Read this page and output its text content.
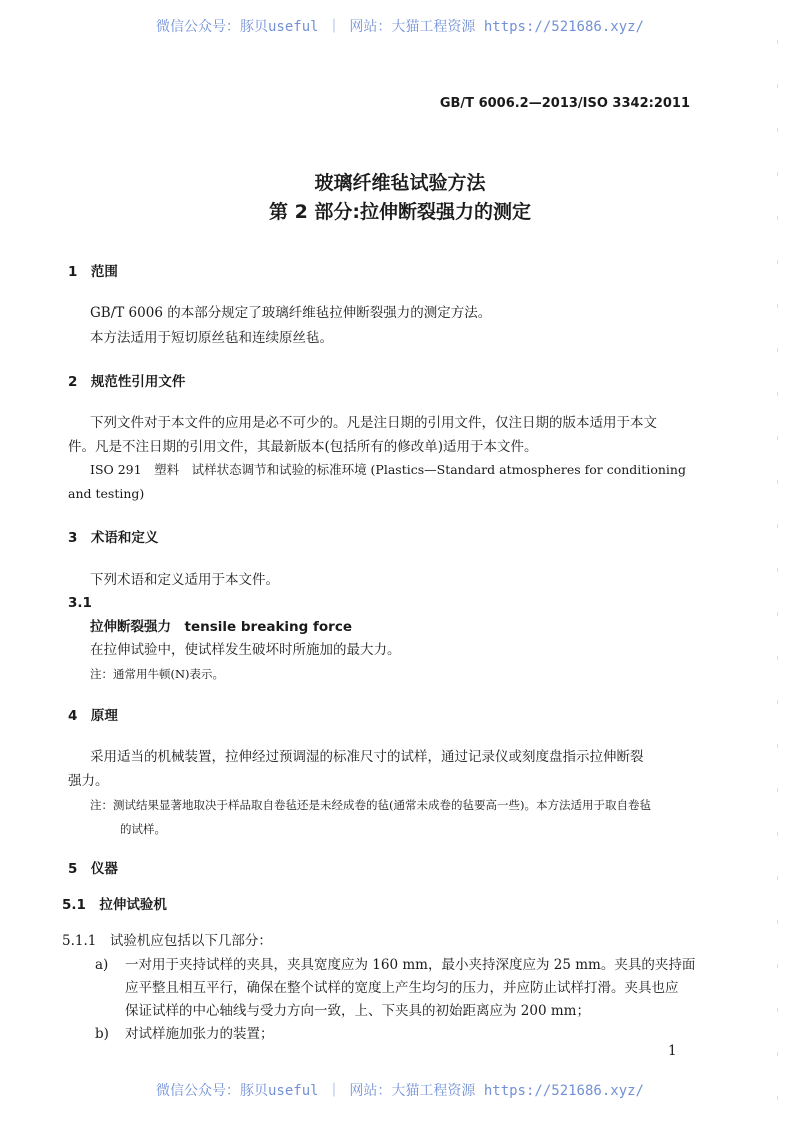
微信公众号：豚贝useful ｜ 网站：大猫工程资源 https://521686.xyz/
GB/T 6006.2—2013/ISO 3342:2011
玻璃纤维毡试验方法
第 2 部分:拉伸断裂强力的测定
1　范围
GB/T 6006 的本部分规定了玻璃纤维毡拉伸断裂强力的测定方法。
本方法适用于短切原丝毡和连续原丝毡。
2　规范性引用文件
下列文件对于本文件的应用是必不可少的。凡是注日期的引用文件，仅注日期的版本适用于本文
件。凡是不注日期的引用文件，其最新版本(包括所有的修改单)适用于本文件。
ISO 291　塑料　试样状态调节和试验的标准环境 (Plastics—Standard atmospheres for conditioning
and testing)
3　术语和定义
下列术语和定义适用于本文件。
3.1
拉伸断裂强力　tensile breaking force
在拉伸试验中，使试样发生破坏时所施加的最大力。
注：通常用牛顿(N)表示。
4　原理
采用适当的机械装置，拉伸经过预调湿的标准尺寸的试样，通过记录仪或刻度盘指示拉伸断裂
强力。
注：测试结果显著地取决于样品取自卷毡还是未经成卷的毡(通常未成卷的毡要高一些)。本方法适用于取自卷毡
的试样。
5　仪器
5.1　拉伸试验机
5.1.1　试验机应包括以下几部分：
a) 一对用于夹持试样的夹具，夹具宽度应为 160 mm，最小夹持深度应为 25 mm。夹具的夹持面
应平整且相互平行，确保在整个试样的宽度上产生均匀的压力，并应防止试样打滑。夹具也应
保证试样的中心轴线与受力方向一致，上、下夹具的初始距离应为 200 mm；
b) 对试样施加张力的装置；
1
微信公众号：豚贝useful ｜ 网站：大猫工程资源 https://521686.xyz/
